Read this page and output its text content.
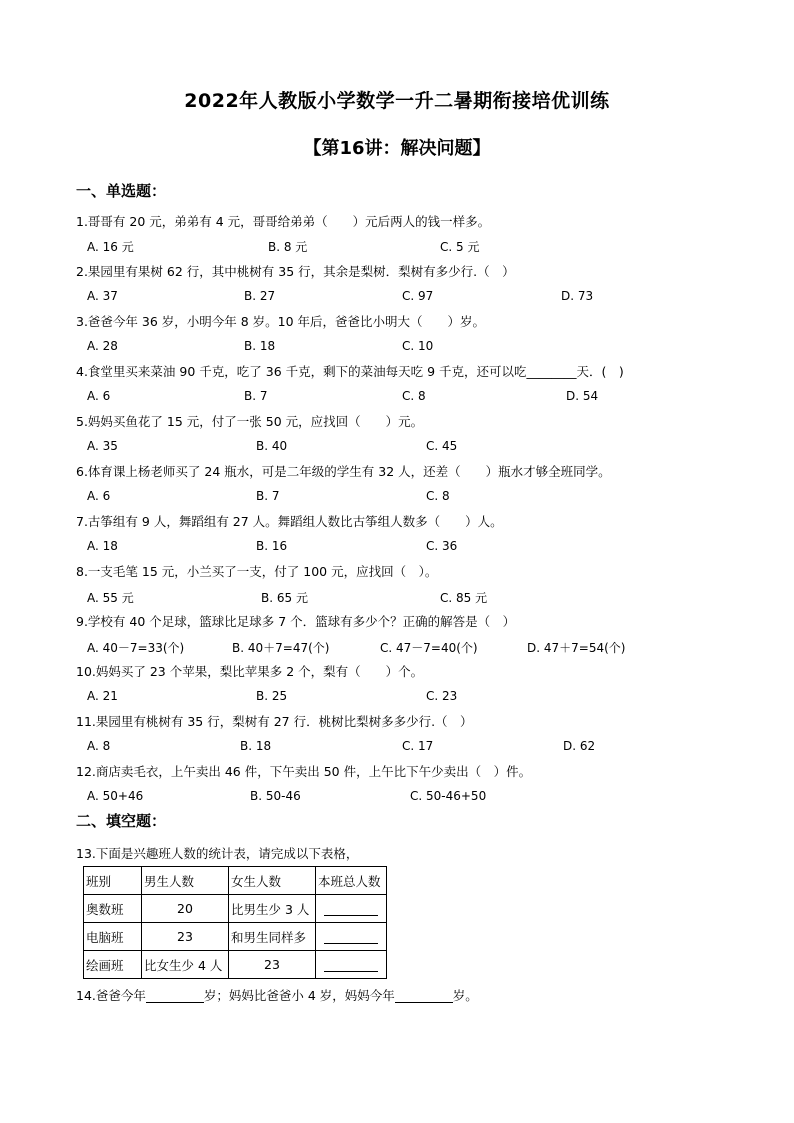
2022年人教版小学数学一升二暑期衔接培优训练
【第16讲：解决问题】
一、单选题：
1.哥哥有 20 元，弟弟有 4 元，哥哥给弟弟（　　）元后两人的钱一样多。
A. 16 元	B. 8 元	C. 5 元
2.果园里有果树 62 行，其中桃树有 35 行，其余是梨树．梨树有多少行.（　）
A. 37	B. 27	C. 97	D. 73
3.爸爸今年 36 岁，小明今年 8 岁。10 年后，爸爸比小明大（　　）岁。
A. 28	B. 18	C. 10
4.食堂里买来菜油 90 千克，吃了 36 千克，剩下的菜油每天吃 9 千克，还可以吃________天．(　)
A. 6	B. 7	C. 8	D. 54
5.妈妈买鱼花了 15 元，付了一张 50 元，应找回（　　）元。
A. 35	B. 40	C. 45
6.体育课上杨老师买了 24 瓶水，可是二年级的学生有 32 人，还差（　　）瓶水才够全班同学。
A. 6	B. 7	C. 8
7.古筝组有 9 人，舞蹈组有 27 人。舞蹈组人数比古筝组人数多（　　）人。
A. 18	B. 16	C. 36
8.一支毛笔 15 元，小兰买了一支，付了 100 元，应找回（　）。
A. 55 元	B. 65 元	C. 85 元
9.学校有 40 个足球，篮球比足球多 7 个．篮球有多少个？正确的解答是（　）
A. 40－7=33(个)	B. 40＋7=47(个)	C. 47－7=40(个)	D. 47＋7=54(个)
10.妈妈买了 23 个苹果，梨比苹果多 2 个，梨有（　　）个。
A. 21	B. 25	C. 23
11.果园里有桃树有 35 行，梨树有 27 行．桃树比梨树多多少行.（　）
A. 8	B. 18	C. 17	D. 62
12.商店卖毛衣，上午卖出 46 件，下午卖出 50 件，上午比下午少卖出（　）件。
A. 50+46	B. 50-46	C. 50-46+50
二、填空题：
13.下面是兴趣班人数的统计表，请完成以下表格，
班别	男生人数	女生人数	本班总人数
奥数班	20	比男生少 3 人	
电脑班	23	和男生同样多	
绘画班	比女生少 4 人	23	
14.爸爸今年	岁；妈妈比爸爸小 4 岁，妈妈今年	岁。
